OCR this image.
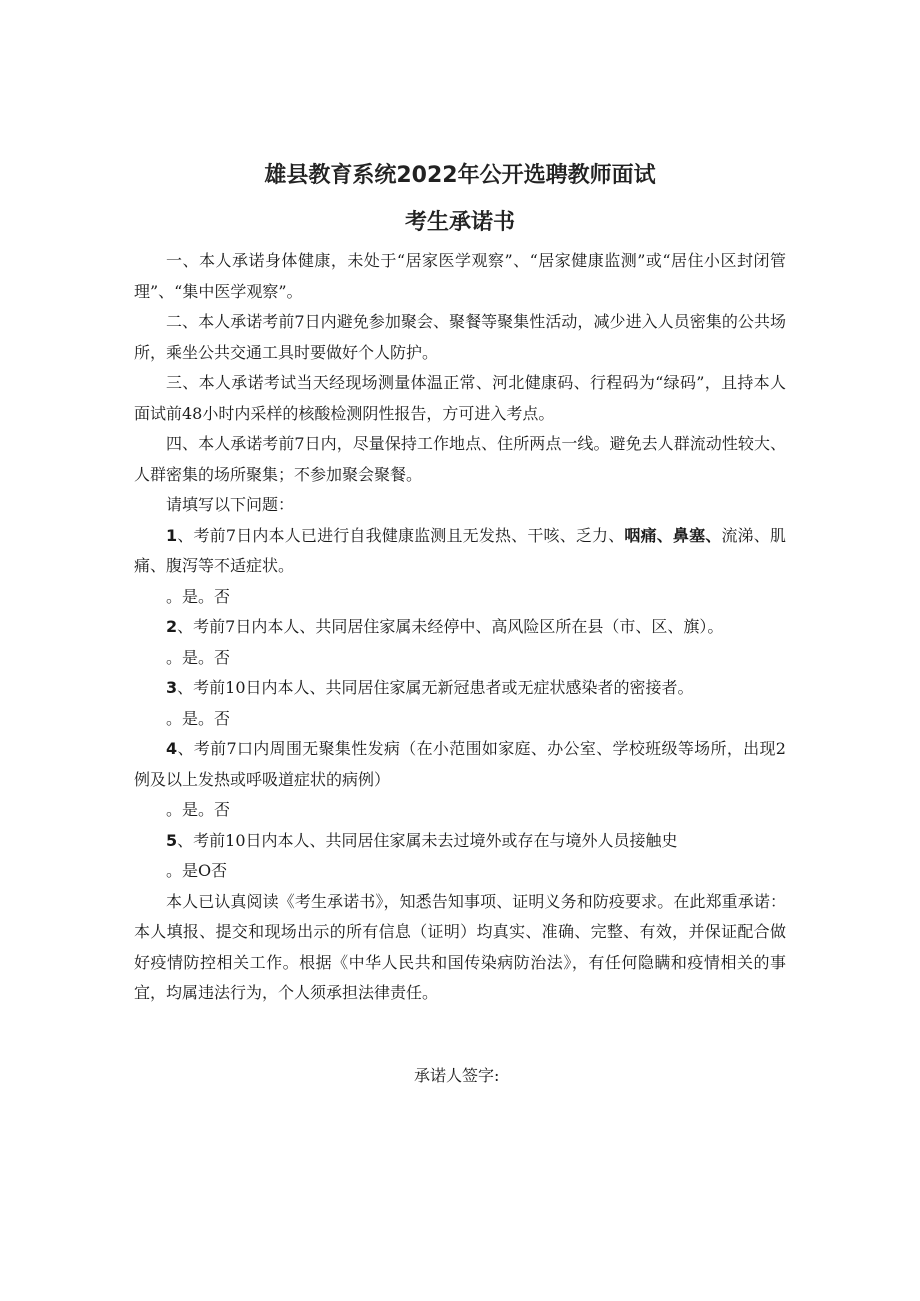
雄县教育系统2022年公开选聘教师面试
考生承诺书

一、本人承诺身体健康，未处于“居家医学观察”、“居家健康监测”或“居住小区封闭管理”、“集中医学观察”。

二、本人承诺考前7日内避免参加聚会、聚餐等聚集性活动，减少进入人员密集的公共场所，乘坐公共交通工具时要做好个人防护。

三、本人承诺考试当天经现场测量体温正常、河北健康码、行程码为“绿码”，且持本人面试前48小时内采样的核酸检测阴性报告，方可进入考点。

四、本人承诺考前7日内，尽量保持工作地点、住所两点一线。避免去人群流动性较大、人群密集的场所聚集；不参加聚会聚餐。

请填写以下问题：

1、考前7日内本人已进行自我健康监测且无发热、干咳、乏力、咽痛、鼻塞、流涕、肌痛、腹泻等不适症状。

。是。否

2、考前7日内本人、共同居住家属未经停中、高风险区所在县（市、区、旗）。

。是。否

3、考前10日内本人、共同居住家属无新冠患者或无症状感染者的密接者。

。是。否

4、考前7口内周围无聚集性发病（在小范围如家庭、办公室、学校班级等场所，出现2例及以上发热或呼吸道症状的病例）

。是。否

5、考前10日内本人、共同居住家属未去过境外或存在与境外人员接触史

。是O否

本人已认真阅读《考生承诺书》，知悉告知事项、证明义务和防疫要求。在此郑重承诺：本人填报、提交和现场出示的所有信息（证明）均真实、准确、完整、有效，并保证配合做好疫情防控相关工作。根据《中华人民共和国传染病防治法》，有任何隐瞒和疫情相关的事宜，均属违法行为，个人须承担法律责任。

承诺人签字:
